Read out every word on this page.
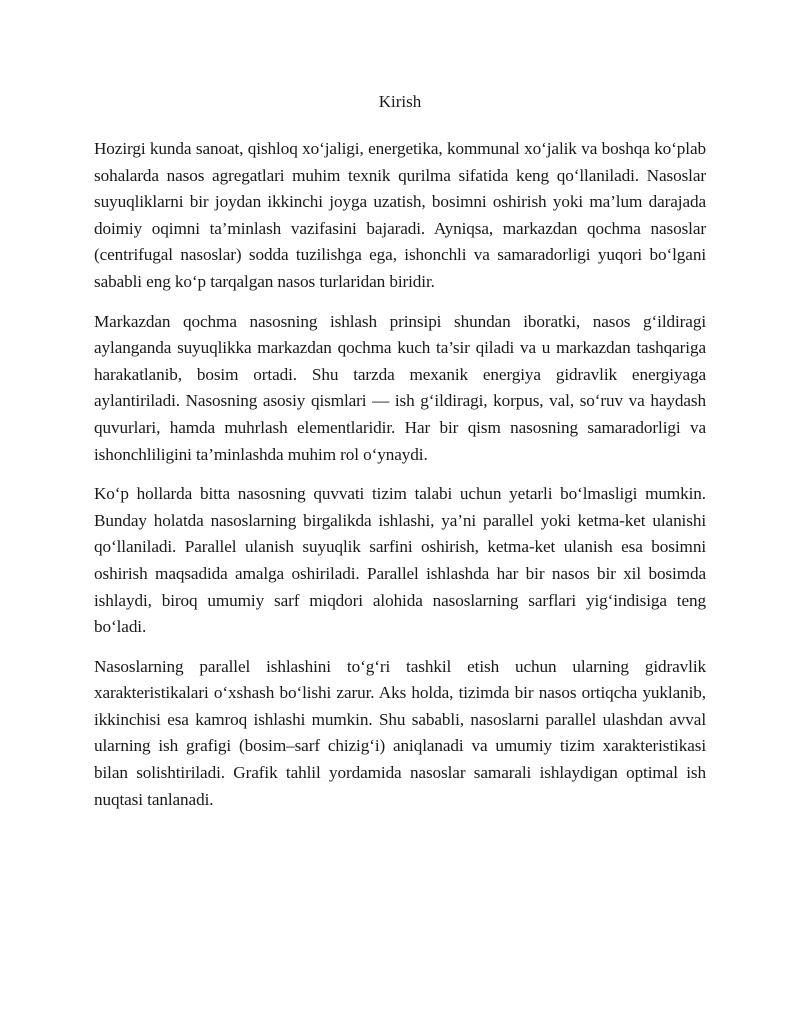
Kirish

Hozirgi kunda sanoat, qishloq xo‘jaligi, energetika, kommunal xo‘jalik va boshqa ko‘plab sohalarda nasos agregatlari muhim texnik qurilma sifatida keng qo‘llaniladi. Nasoslar suyuqliklarni bir joydan ikkinchi joyga uzatish, bosimni oshirish yoki ma’lum darajada doimiy oqimni ta’minlash vazifasini bajaradi. Ayniqsa, markazdan qochma nasoslar (centrifugal nasoslar) sodda tuzilishga ega, ishonchli va samaradorligi yuqori bo‘lgani sababli eng ko‘p tarqalgan nasos turlaridan biridir.

Markazdan qochma nasosning ishlash prinsipi shundan iboratki, nasos g‘ildiragi aylanganda suyuqlikka markazdan qochma kuch ta’sir qiladi va u markazdan tashqariga harakatlanib, bosim ortadi. Shu tarzda mexanik energiya gidravlik energiyaga aylantiriladi. Nasosning asosiy qismlari — ish g‘ildiragi, korpus, val, so‘ruv va haydash quvurlari, hamda muhrlash elementlaridir. Har bir qism nasosning samaradorligi va ishonchliligini ta’minlashda muhim rol o‘ynaydi.

Ko‘p hollarda bitta nasosning quvvati tizim talabi uchun yetarli bo‘lmasligi mumkin. Bunday holatda nasoslarning birgalikda ishlashi, ya’ni parallel yoki ketma-ket ulanishi qo‘llaniladi. Parallel ulanish suyuqlik sarfini oshirish, ketma-ket ulanish esa bosimni oshirish maqsadida amalga oshiriladi. Parallel ishlashda har bir nasos bir xil bosimda ishlaydi, biroq umumiy sarf miqdori alohida nasoslarning sarflari yig‘indisiga teng bo‘ladi.

Nasoslarning parallel ishlashini to‘g‘ri tashkil etish uchun ularning gidravlik xarakteristikalari o‘xshash bo‘lishi zarur. Aks holda, tizimda bir nasos ortiqcha yuklanib, ikkinchisi esa kamroq ishlashi mumkin. Shu sababli, nasoslarni parallel ulashdan avval ularning ish grafigi (bosim–sarf chizig‘i) aniqlanadi va umumiy tizim xarakteristikasi bilan solishtiriladi. Grafik tahlil yordamida nasoslar samarali ishlaydigan optimal ish nuqtasi tanlanadi.
